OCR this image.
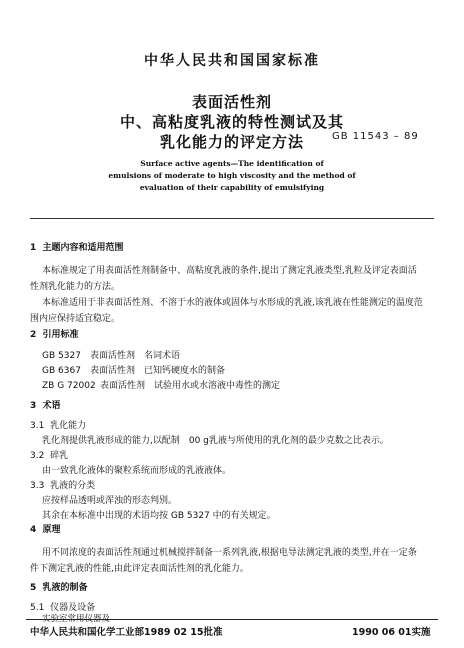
中华人民共和国国家标准
表面活性剂
中、高粘度乳液的特性测试及其
乳化能力的评定方法	GB 11543 – 89
Surface active agents—The identification of
emulsions of moderate to high viscosity and the method of
evaluation of their capability of emulsifying
1 主题内容和适用范围
本标准规定了用表面活性剂制备中、高粘度乳液的条件,提出了测定乳液类型,乳粒及评定表面活
性剂乳化能力的方法。
本标准适用于非表面活性剂、不溶于水的液体或固体与水形成的乳液,该乳液在性能测定的温度范
围内应保持适宜稳定。
2 引用标准
GB 5327 表面活性剂　名词术语
GB 6367 表面活性剂　已知钙硬度水的制备
ZB G 72002 表面活性剂　试验用水或水溶液中毒性的测定
3 术语
3.1 乳化能力
乳化剂提供乳液形成的能力,以配制　00 g乳液与所使用的乳化剂的最少克数之比表示。
3.2 碎乳
由一致乳化液体的聚粒系统而形成的乳液液体。
3.3 乳液的分类
应按样品透明或浑浊的形态判别。
其余在本标准中出现的术语均按 GB 5327 中的有关规定。
4 原理
用不同浓度的表面活性剂通过机械搅拌制备一系列乳液,根据电导法测定乳液的类型,并在一定条
件下测定乳液的性能,由此评定表面活性剂的乳化能力。
5 乳液的制备
5.1 仪器及设备
实验室常用仪器及
中华人民共和国化学工业部1989 02 15批准	1990 06 01实施
